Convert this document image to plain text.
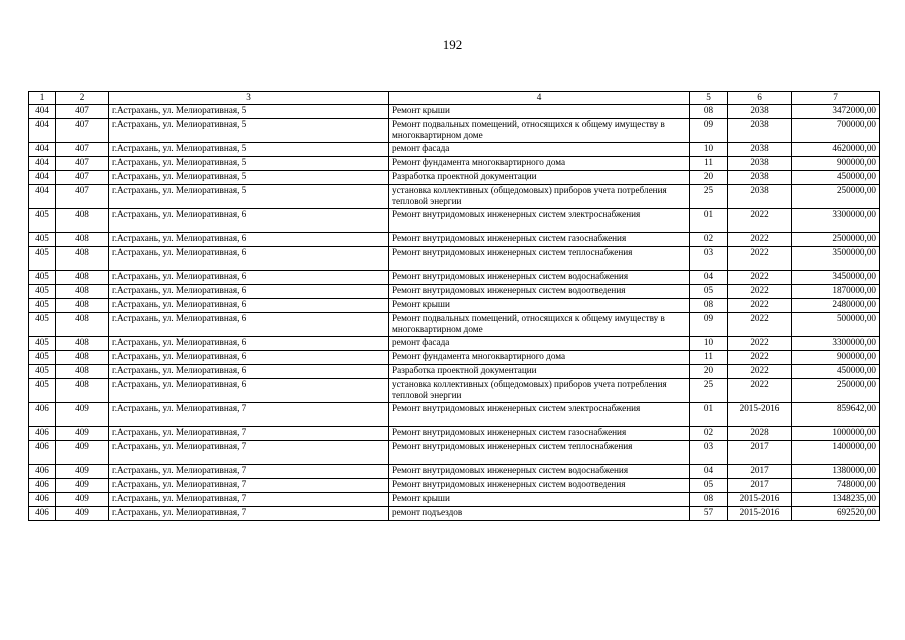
192
1	2	3	4	5	6	7
404	407	г.Астрахань, ул. Мелиоративная, 5	Ремонт крыши	08	2038	3472000,00
404	407	г.Астрахань, ул. Мелиоративная, 5	Ремонт подвальных помещений, относящихся к общему имуществу в многоквартирном доме	09	2038	700000,00
404	407	г.Астрахань, ул. Мелиоративная, 5	ремонт фасада	10	2038	4620000,00
404	407	г.Астрахань, ул. Мелиоративная, 5	Ремонт фундамента многоквартирного дома	11	2038	900000,00
404	407	г.Астрахань, ул. Мелиоративная, 5	Разработка проектной документации	20	2038	450000,00
404	407	г.Астрахань, ул. Мелиоративная, 5	установка коллективных (общедомовых) приборов учета потребления тепловой энергии	25	2038	250000,00
405	408	г.Астрахань, ул. Мелиоративная, 6	Ремонт внутридомовых инженерных систем электроснабжения	01	2022	3300000,00
405	408	г.Астрахань, ул. Мелиоративная, 6	Ремонт внутридомовых инженерных систем газоснабжения	02	2022	2500000,00
405	408	г.Астрахань, ул. Мелиоративная, 6	Ремонт внутридомовых инженерных систем теплоснабжения	03	2022	3500000,00
405	408	г.Астрахань, ул. Мелиоративная, 6	Ремонт внутридомовых инженерных систем водоснабжения	04	2022	3450000,00
405	408	г.Астрахань, ул. Мелиоративная, 6	Ремонт внутридомовых инженерных систем водоотведения	05	2022	1870000,00
405	408	г.Астрахань, ул. Мелиоративная, 6	Ремонт крыши	08	2022	2480000,00
405	408	г.Астрахань, ул. Мелиоративная, 6	Ремонт подвальных помещений, относящихся к общему имуществу в многоквартирном доме	09	2022	500000,00
405	408	г.Астрахань, ул. Мелиоративная, 6	ремонт фасада	10	2022	3300000,00
405	408	г.Астрахань, ул. Мелиоративная, 6	Ремонт фундамента многоквартирного дома	11	2022	900000,00
405	408	г.Астрахань, ул. Мелиоративная, 6	Разработка проектной документации	20	2022	450000,00
405	408	г.Астрахань, ул. Мелиоративная, 6	установка коллективных (общедомовых) приборов учета потребления тепловой энергии	25	2022	250000,00
406	409	г.Астрахань, ул. Мелиоративная, 7	Ремонт внутридомовых инженерных систем электроснабжения	01	2015-2016	859642,00
406	409	г.Астрахань, ул. Мелиоративная, 7	Ремонт внутридомовых инженерных систем газоснабжения	02	2028	1000000,00
406	409	г.Астрахань, ул. Мелиоративная, 7	Ремонт внутридомовых инженерных систем теплоснабжения	03	2017	1400000,00
406	409	г.Астрахань, ул. Мелиоративная, 7	Ремонт внутридомовых инженерных систем водоснабжения	04	2017	1380000,00
406	409	г.Астрахань, ул. Мелиоративная, 7	Ремонт внутридомовых инженерных систем водоотведения	05	2017	748000,00
406	409	г.Астрахань, ул. Мелиоративная, 7	Ремонт крыши	08	2015-2016	1348235,00
406	409	г.Астрахань, ул. Мелиоративная, 7	ремонт подъездов	57	2015-2016	692520,00
